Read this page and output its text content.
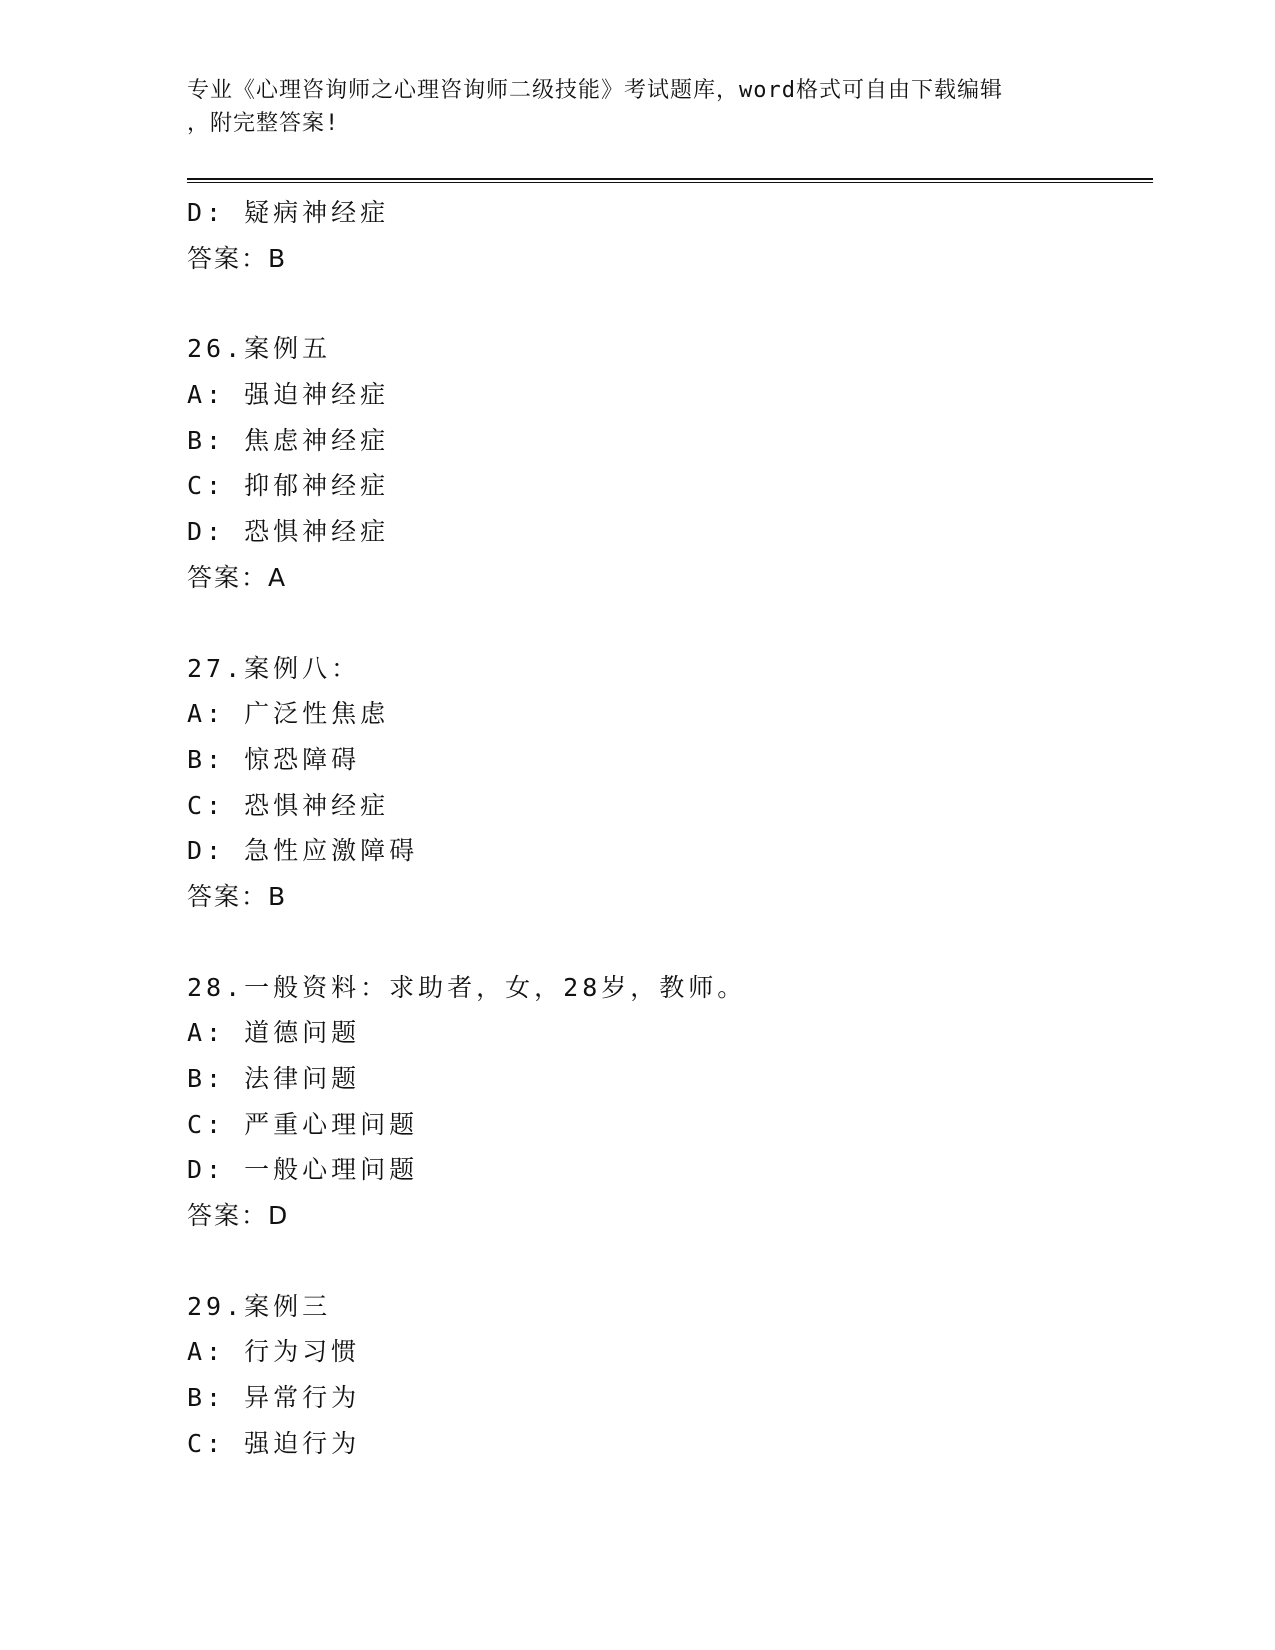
专业《心理咨询师之心理咨询师二级技能》考试题库，word格式可自由下载编辑
，附完整答案!
D: 疑病神经症
答案：B
26.案例五
A: 强迫神经症
B: 焦虑神经症
C: 抑郁神经症
D: 恐惧神经症
答案：A
27.案例八：
A: 广泛性焦虑
B: 惊恐障碍
C: 恐惧神经症
D: 急性应激障碍
答案：B
28.一般资料：求助者，女，28岁，教师。
A: 道德问题
B: 法律问题
C: 严重心理问题
D: 一般心理问题
答案：D
29.案例三
A: 行为习惯
B: 异常行为
C: 强迫行为
